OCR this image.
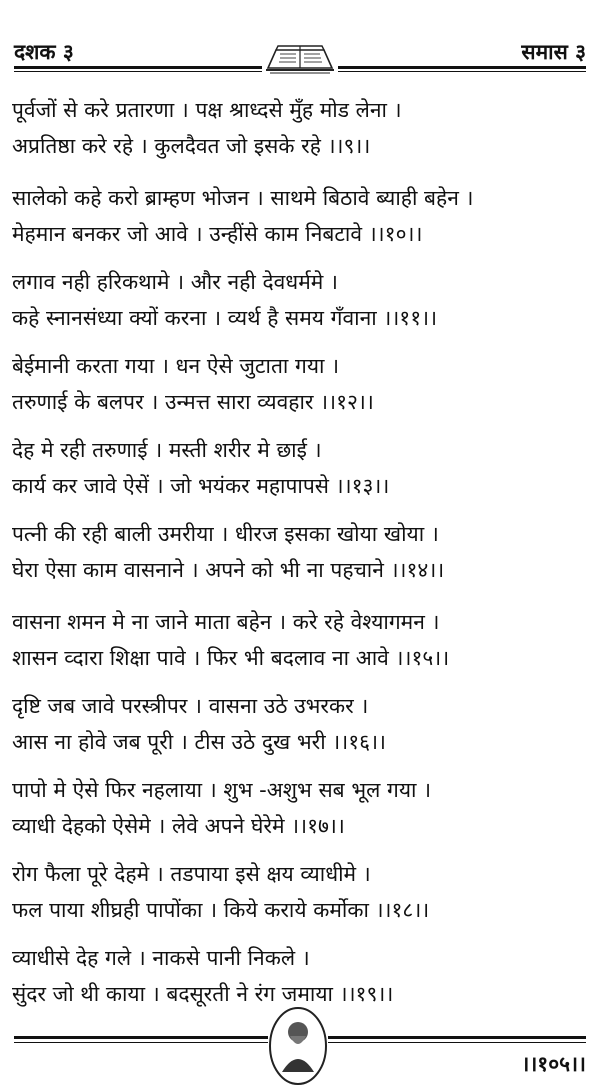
दशक ३	समास ३
पूर्वजों से करे प्रतारणा । पक्ष श्राध्दसे मुँह मोड लेना ।
अप्रतिष्ठा करे रहे । कुलदैवत जो इसके रहे ।।९।।
सालेको कहे करो ब्राम्हण भोजन । साथमे बिठावे ब्याही बहेन ।
मेहमान बनकर जो आवे । उन्हींसे काम निबटावे ।।१०।।
लगाव नही हरिकथामे । और नही देवधर्ममे ।
कहे स्नानसंध्या क्यों करना । व्यर्थ है समय गँवाना ।।११।।
बेईमानी करता गया । धन ऐसे जुटाता गया ।
तरुणाई के बलपर । उन्मत्त सारा व्यवहार ।।१२।।
देह मे रही तरुणाई । मस्ती शरीर मे छाई ।
कार्य कर जावे ऐसें । जो भयंकर महापापसे ।।१३।।
पत्नी की रही बाली उमरीया । धीरज इसका खोया खोया ।
घेरा ऐसा काम वासनाने । अपने को भी ना पहचाने ।।१४।।
वासना शमन मे ना जाने माता बहेन । करे रहे वेश्यागमन ।
शासन व्दारा शिक्षा पावे । फिर भी बदलाव ना आवे ।।१५।।
दृष्टि जब जावे परस्त्रीपर । वासना उठे उभरकर ।
आस ना होवे जब पूरी । टीस उठे दुख भरी ।।१६।।
पापो मे ऐसे फिर नहलाया । शुभ -अशुभ सब भूल गया ।
व्याधी देहको ऐसेमे । लेवे अपने घेरेमे ।।१७।।
रोग फैला पूरे देहमे । तडपाया इसे क्षय व्याधीमे ।
फल पाया शीघ्रही पापोंका । किये कराये कर्मोका ।।१८।।
व्याधीसे देह गले । नाकसे पानी निकले ।
सुंदर जो थी काया । बदसूरती ने रंग जमाया ।।१९।।
।।१०५।।
